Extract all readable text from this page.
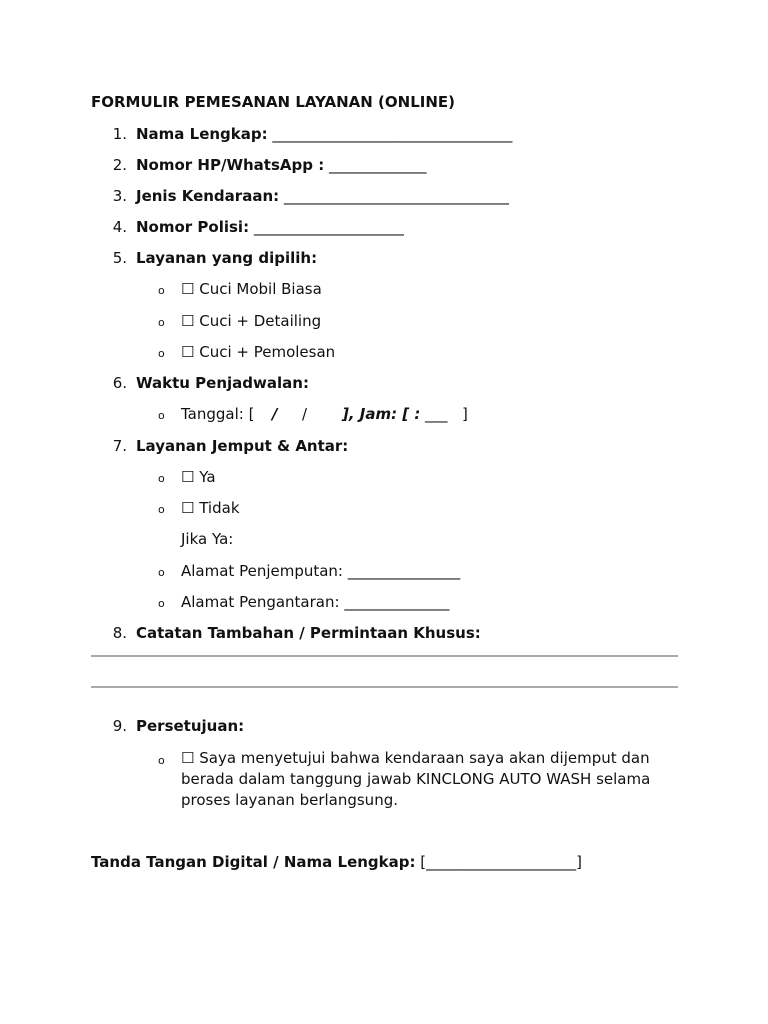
FORMULIR PEMESANAN LAYANAN (ONLINE)
1. Nama Lengkap: ________________________________
2. Nomor HP/WhatsApp : _____________
3. Jenis Kendaraan: ______________________________
4. Nomor Polisi: ____________________
5. Layanan yang dipilih:
o ☐ Cuci Mobil Biasa
o ☐ Cuci + Detailing
o ☐ Cuci + Pemolesan
6. Waktu Penjadwalan:
o Tanggal: [ / / ], Jam: [ : ___ ]
7. Layanan Jemput & Antar:
o ☐ Ya
o ☐ Tidak
Jika Ya:
o Alamat Penjemputan: _______________
o Alamat Pengantaran: ______________
8. Catatan Tambahan / Permintaan Khusus:
9. Persetujuan:
o ☐ Saya menyetujui bahwa kendaraan saya akan dijemput dan berada dalam tanggung jawab KINCLONG AUTO WASH selama proses layanan berlangsung.
Tanda Tangan Digital / Nama Lengkap: [____________________]
